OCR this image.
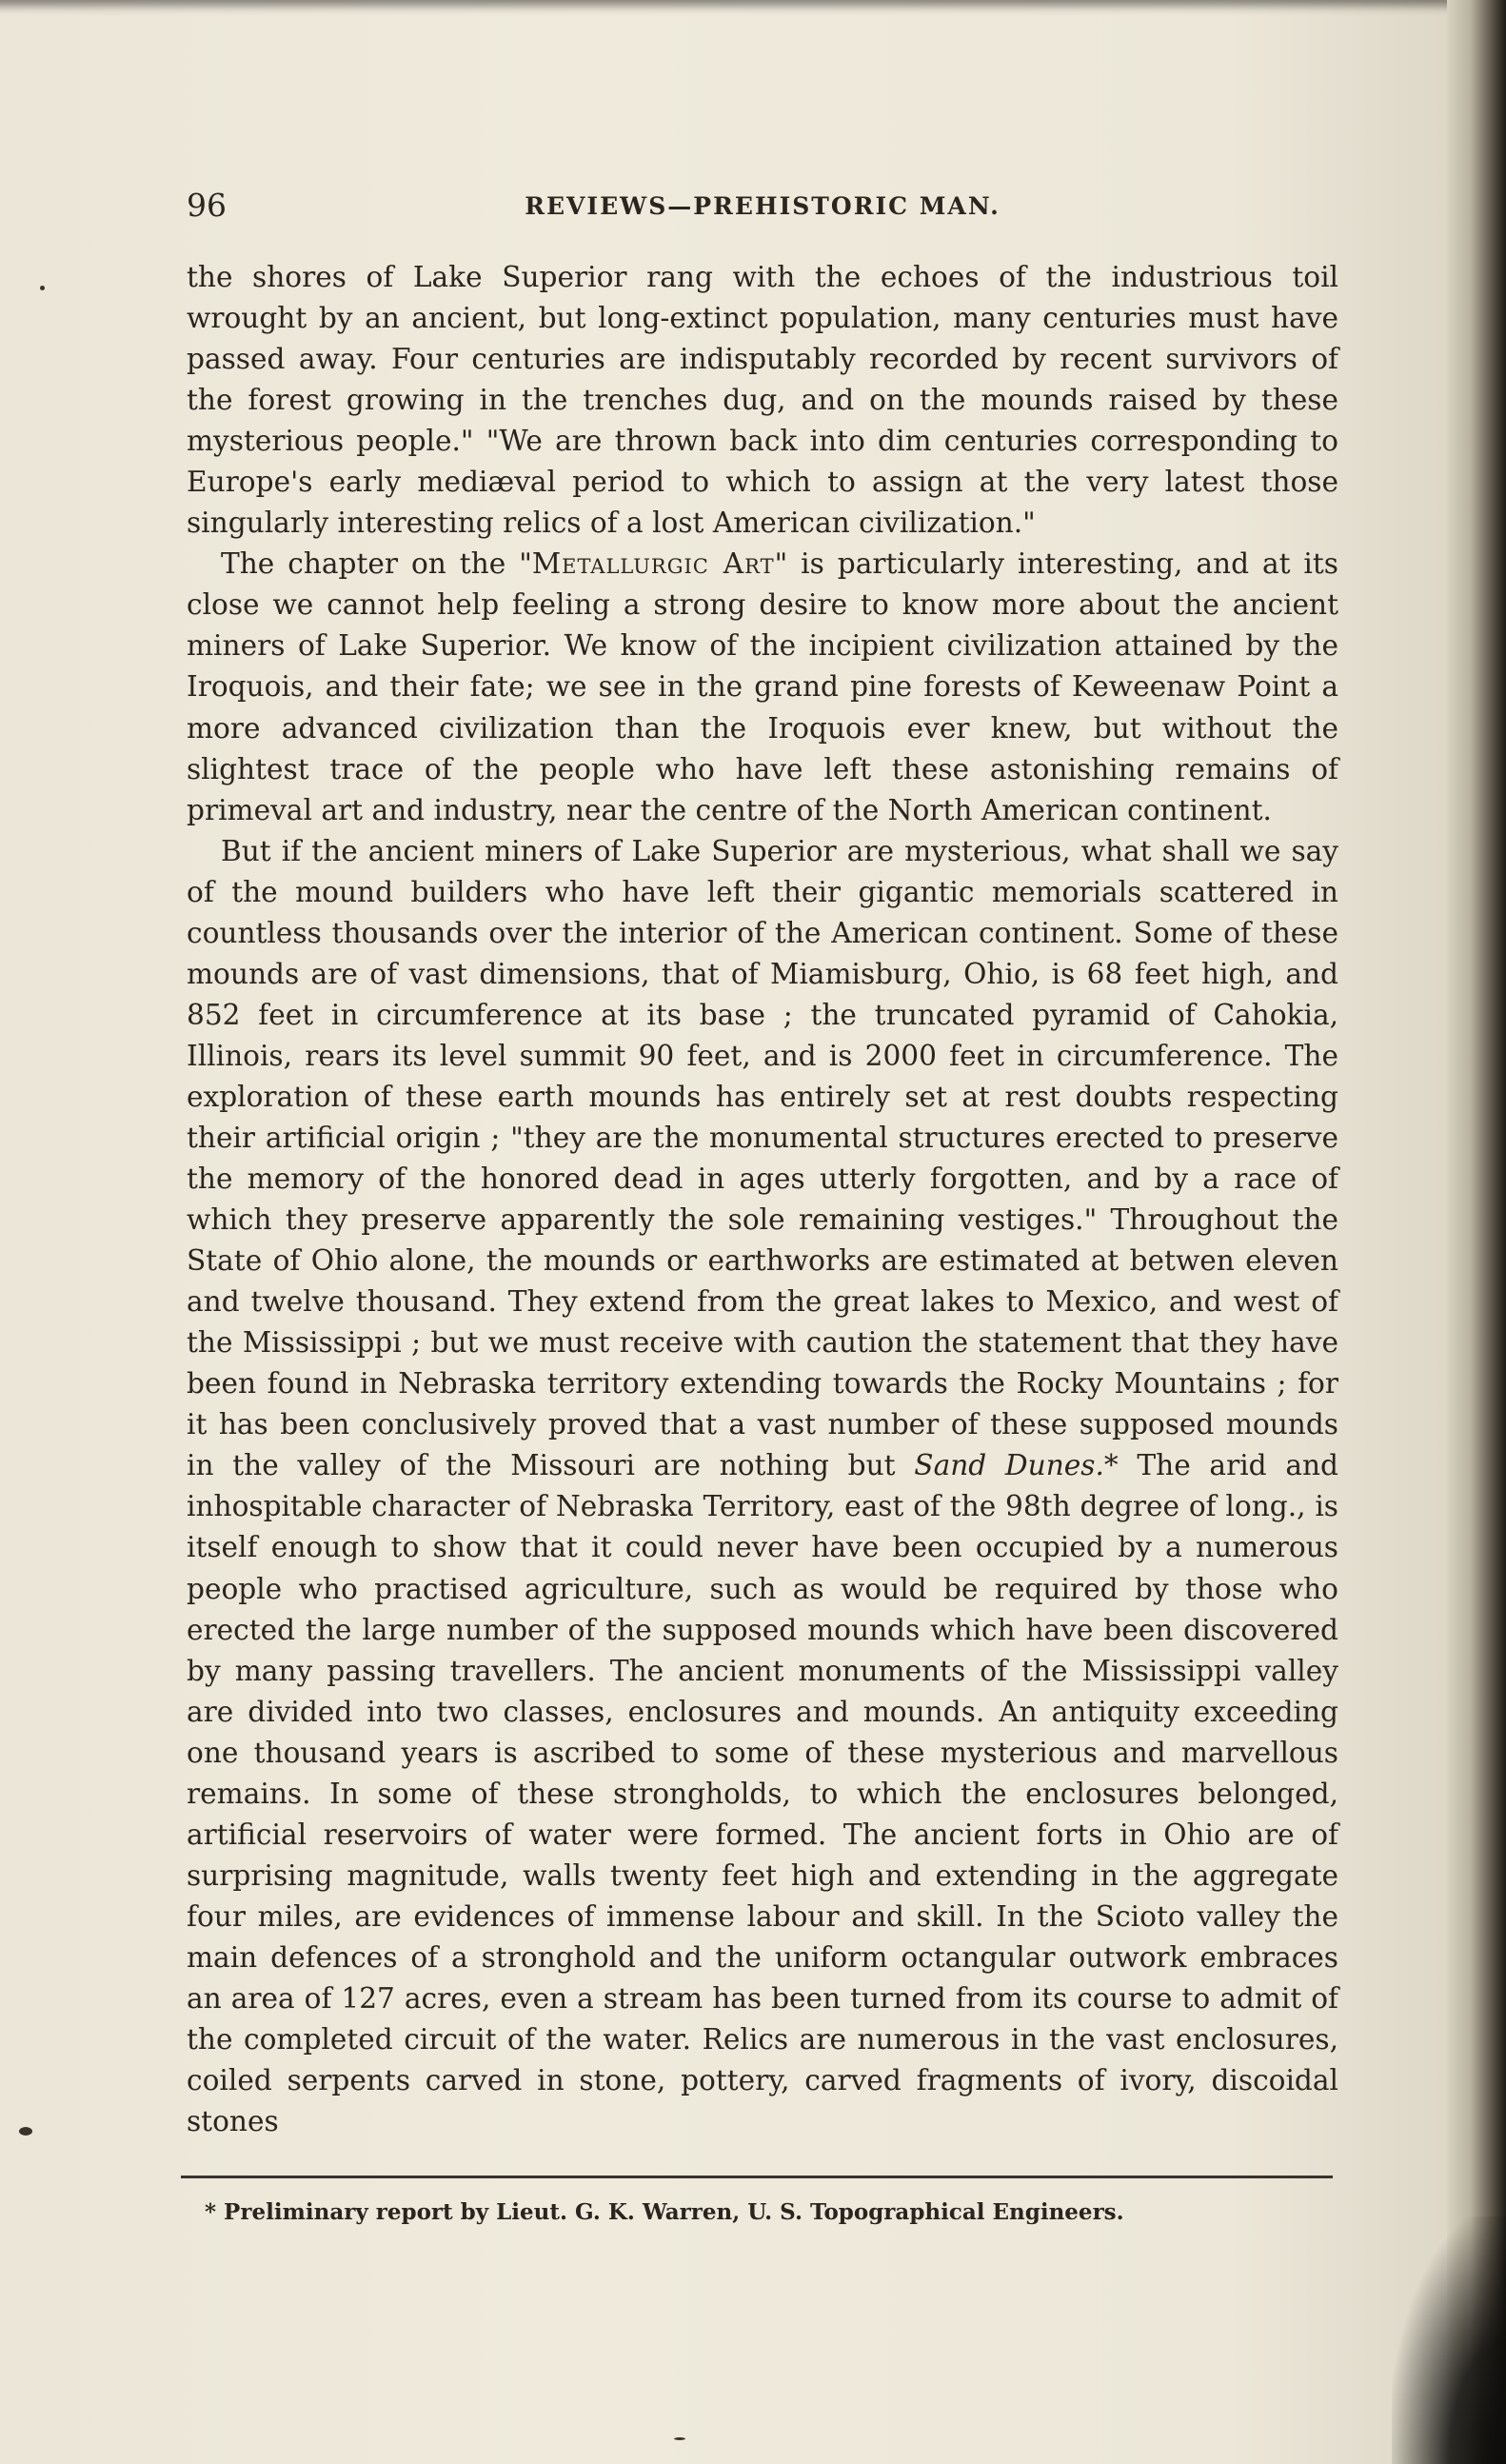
96	REVIEWS—PREHISTORIC MAN.

the shores of Lake Superior rang with the echoes of the industrious toil wrought by an ancient, but long-extinct population, many centuries must have passed away. Four centuries are indisputably recorded by recent survivors of the forest growing in the trenches dug, and on the mounds raised by these mysterious people." "We are thrown back into dim centuries corresponding to Europe's early mediæval period to which to assign at the very latest those singularly interesting relics of a lost American civilization."

The chapter on the "Metallurgic Art" is particularly interesting, and at its close we cannot help feeling a strong desire to know more about the ancient miners of Lake Superior. We know of the incipient civilization attained by the Iroquois, and their fate; we see in the grand pine forests of Keweenaw Point a more advanced civilization than the Iroquois ever knew, but without the slightest trace of the people who have left these astonishing remains of primeval art and industry, near the centre of the North American continent.

But if the ancient miners of Lake Superior are mysterious, what shall we say of the mound builders who have left their gigantic memorials scattered in countless thousands over the interior of the American continent. Some of these mounds are of vast dimensions, that of Miamisburg, Ohio, is 68 feet high, and 852 feet in circumference at its base ; the truncated pyramid of Cahokia, Illinois, rears its level summit 90 feet, and is 2000 feet in circumference. The exploration of these earth mounds has entirely set at rest doubts respecting their artificial origin ; "they are the monumental structures erected to preserve the memory of the honored dead in ages utterly forgotten, and by a race of which they preserve apparently the sole remaining vestiges." Throughout the State of Ohio alone, the mounds or earthworks are estimated at betwen eleven and twelve thousand. They extend from the great lakes to Mexico, and west of the Mississippi ; but we must receive with caution the statement that they have been found in Nebraska territory extending towards the Rocky Mountains ; for it has been conclusively proved that a vast number of these supposed mounds in the valley of the Missouri are nothing but Sand Dunes.* The arid and inhospitable character of Nebraska Territory, east of the 98th degree of long., is itself enough to show that it could never have been occupied by a numerous people who practised agriculture, such as would be required by those who erected the large number of the supposed mounds which have been discovered by many passing travellers. The ancient monuments of the Mississippi valley are divided into two classes, enclosures and mounds. An antiquity exceeding one thousand years is ascribed to some of these mysterious and marvellous remains. In some of these strongholds, to which the enclosures belonged, artificial reservoirs of water were formed. The ancient forts in Ohio are of surprising magnitude, walls twenty feet high and extending in the aggregate four miles, are evidences of immense labour and skill. In the Scioto valley the main defences of a stronghold and the uniform octangular outwork embraces an area of 127 acres, even a stream has been turned from its course to admit of the completed circuit of the water. Relics are numerous in the vast enclosures, coiled serpents carved in stone, pottery, carved fragments of ivory, discoidal stones

* Preliminary report by Lieut. G. K. Warren, U. S. Topographical Engineers.
